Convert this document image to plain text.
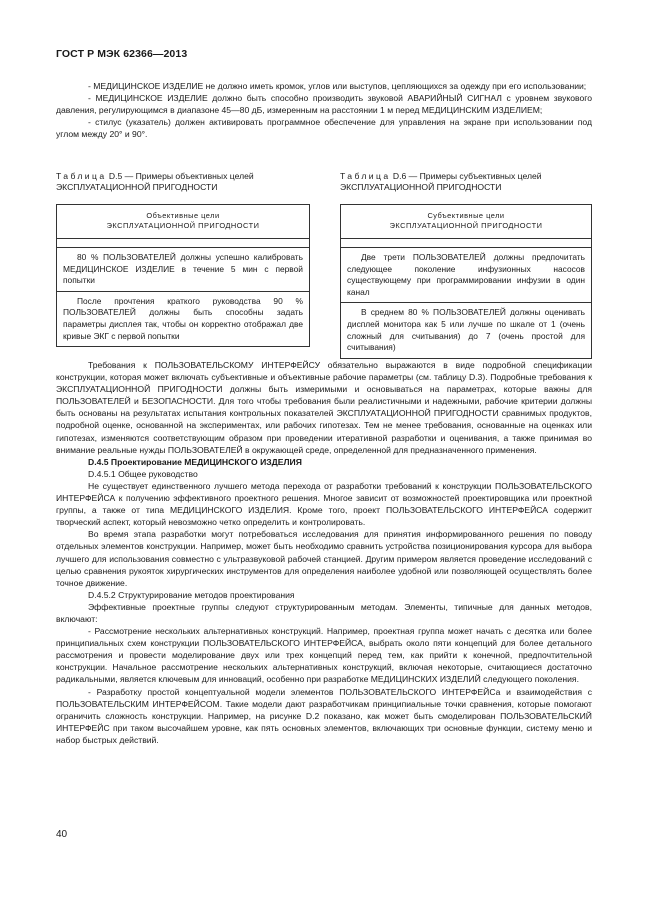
ГОСТ Р МЭК 62366—2013

- МЕДИЦИНСКОЕ ИЗДЕЛИЕ не должно иметь кромок, углов или выступов, цепляющихся за одежду при его использовании;

- МЕДИЦИНСКОЕ ИЗДЕЛИЕ должно быть способно производить звуковой АВАРИЙНЫЙ СИГНАЛ с уровнем звукового давления, регулирующимся в диапазоне 45—80 дБ, измеренным на расстоянии 1 м перед МЕДИЦИНСКИМ ИЗДЕЛИЕМ;

- стилус (указатель) должен активировать программное обеспечение для управления на экране при использовании под углом между 20° и 90°.

Таблица D.5 — Примеры объективных целей
ЭКСПЛУАТАЦИОННОЙ ПРИГОДНОСТИ
Объективные цели
ЭКСПЛУАТАЦИОННОЙ ПРИГОДНОСТИ

80 % ПОЛЬЗОВАТЕЛЕЙ должны успешно калибровать МЕДИЦИНСКОЕ ИЗДЕЛИЕ в течение 5 мин с первой попытки

После прочтения краткого руководства 90 % ПОЛЬЗОВАТЕЛЕЙ должны быть способны задать параметры дисплея так, чтобы он корректно отображал две кривые ЭКГ с первой попытки

Таблица D.6 — Примеры субъективных целей
ЭКСПЛУАТАЦИОННОЙ ПРИГОДНОСТИ
Субъективные цели
ЭКСПЛУАТАЦИОННОЙ ПРИГОДНОСТИ

Две трети ПОЛЬЗОВАТЕЛЕЙ должны предпочитать следующее поколение инфузионных насосов существующему при программировании инфузии в один канал

В среднем 80 % ПОЛЬЗОВАТЕЛЕЙ должны оценивать дисплей монитора как 5 или лучше по шкале от 1 (очень сложный для считывания) до 7 (очень простой для считывания)

Требования к ПОЛЬЗОВАТЕЛЬСКОМУ ИНТЕРФЕЙСУ обязательно выражаются в виде подробной спецификации конструкции, которая может включать субъективные и объективные рабочие параметры (см. таблицу D.3). Подробные требования к ЭКСПЛУАТАЦИОННОЙ ПРИГОДНОСТИ должны быть измеримыми и основываться на параметрах, которые важны для ПОЛЬЗОВАТЕЛЕЙ и БЕЗОПАСНОСТИ. Для того чтобы требования были реалистичными и надежными, рабочие критерии должны быть основаны на результатах испытания контрольных показателей ЭКСПЛУАТАЦИОННОЙ ПРИГОДНОСТИ сравнимых продуктов, подробной оценке, основанной на экспериментах, или рабочих гипотезах. Тем не менее требования, основанные на оценках или гипотезах, изменяются соответствующим образом при проведении итеративной разработки и оценивания, а также принимая во внимание реальные нужды ПОЛЬЗОВАТЕЛЕЙ в окружающей среде, определенной для предназначенного применения.

D.4.5 Проектирование МЕДИЦИНСКОГО ИЗДЕЛИЯ

D.4.5.1 Общее руководство

Не существует единственного лучшего метода перехода от разработки требований к конструкции ПОЛЬЗОВАТЕЛЬСКОГО ИНТЕРФЕЙСА к получению эффективного проектного решения. Многое зависит от возможностей проектировщика или проектной группы, а также от типа МЕДИЦИНСКОГО ИЗДЕЛИЯ. Кроме того, проект ПОЛЬЗОВАТЕЛЬСКОГО ИНТЕРФЕЙСА содержит творческий аспект, который невозможно четко определить и контролировать.

Во время этапа разработки могут потребоваться исследования для принятия информированного решения по поводу отдельных элементов конструкции. Например, может быть необходимо сравнить устройства позиционирования курсора для выбора лучшего для использования совместно с ультразвуковой рабочей станцией. Другим примером является проведение исследований с целью сравнения рукояток хирургических инструментов для определения наиболее удобной или позволяющей осуществлять более точное движение.

D.4.5.2 Структурирование методов проектирования

Эффективные проектные группы следуют структурированным методам. Элементы, типичные для данных методов, включают:

- Рассмотрение нескольких альтернативных конструкций. Например, проектная группа может начать с десятка или более принципиальных схем конструкции ПОЛЬЗОВАТЕЛЬСКОГО ИНТЕРФЕЙСА, выбрать около пяти концепций для более детального рассмотрения и провести моделирование двух или трех концепций перед тем, как прийти к конечной, предпочтительной конструкции. Начальное рассмотрение нескольких альтернативных конструкций, включая некоторые, считающиеся достаточно радикальными, является ключевым для инноваций, особенно при разработке МЕДИЦИНСКИХ ИЗДЕЛИЙ следующего поколения.

- Разработку простой концептуальной модели элементов ПОЛЬЗОВАТЕЛЬСКОГО ИНТЕРФЕЙСа и взаимодействия с ПОЛЬЗОВАТЕЛЬСКИМ ИНТЕРФЕЙСОМ. Такие модели дают разработчикам принципиальные точки сравнения, которые помогают ограничить сложность конструкции. Например, на рисунке D.2 показано, как может быть смоделирован ПОЛЬЗОВАТЕЛЬСКИЙ ИНТЕРФЕЙС при таком высочайшем уровне, как пять основных элементов, включающих три основные функции, систему меню и набор быстрых действий.

40
